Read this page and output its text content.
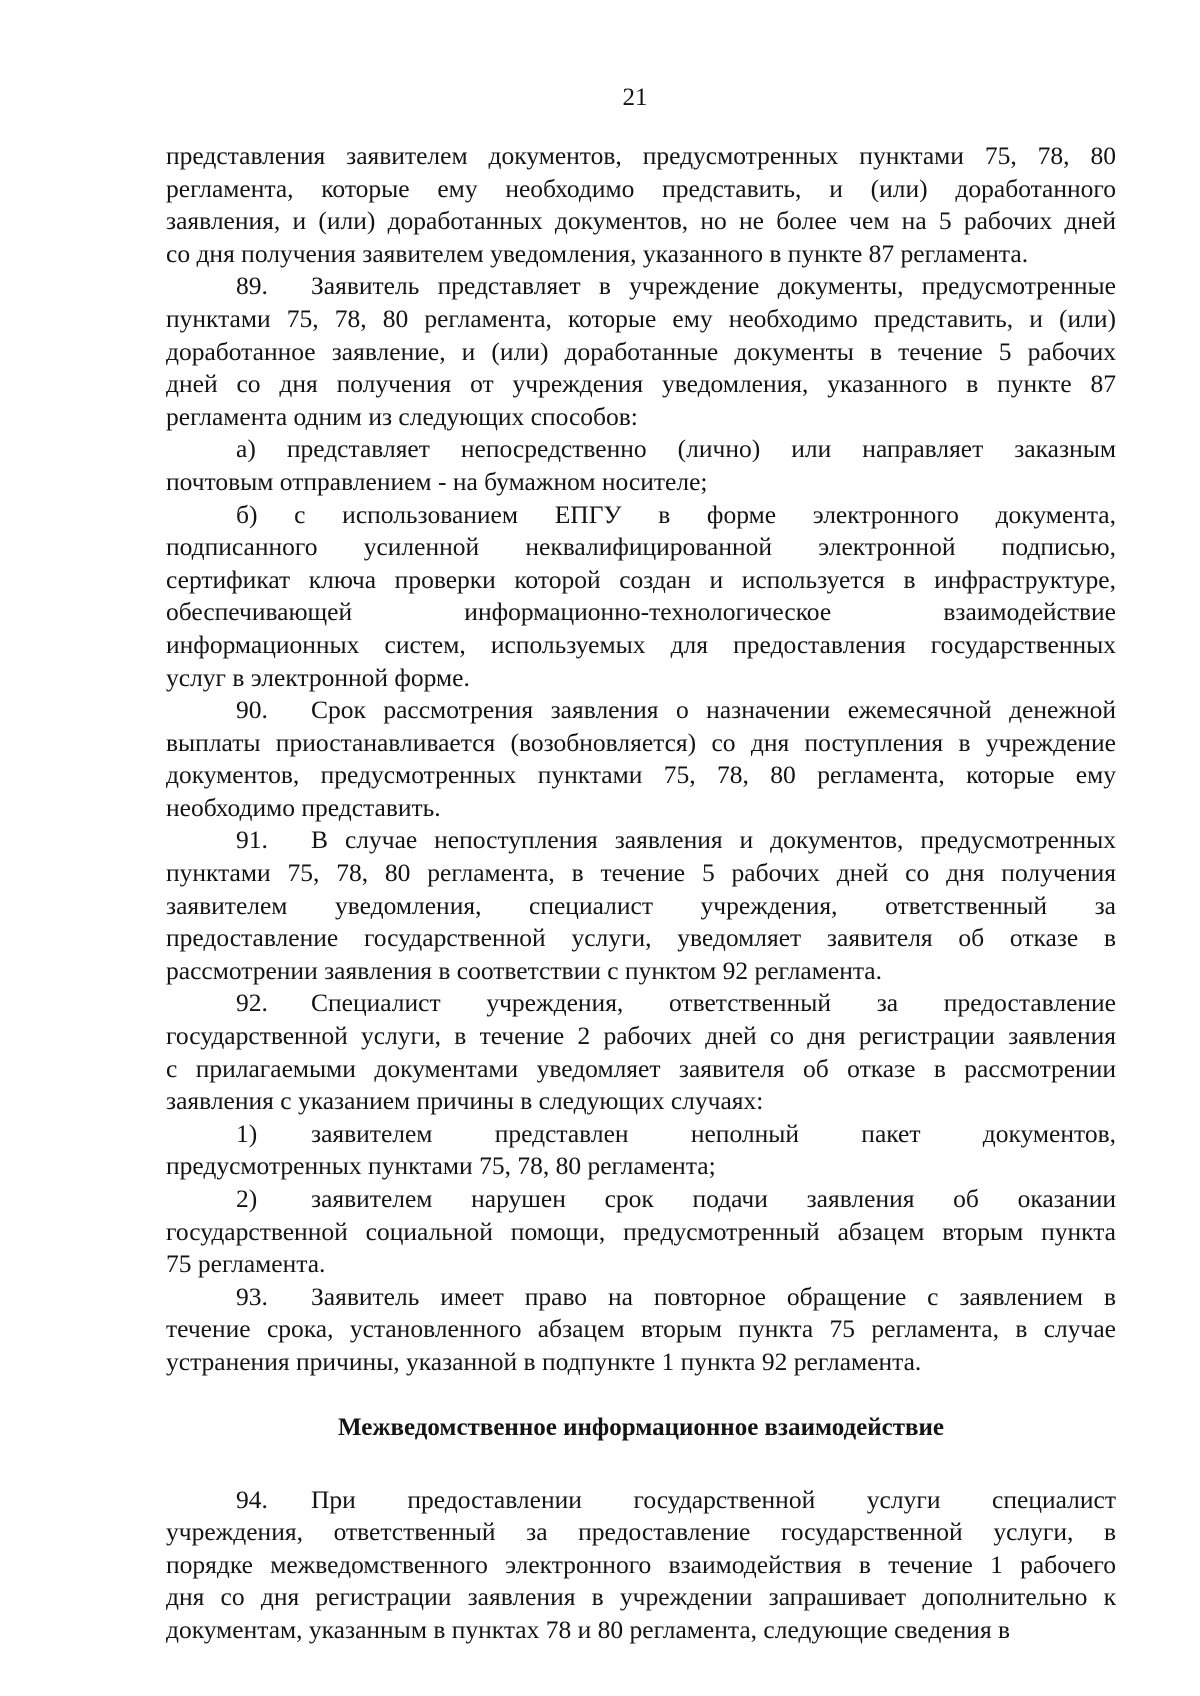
21
представления заявителем документов, предусмотренных пунктами 75, 78, 80
регламента, которые ему необходимо представить, и (или) доработанного
заявления, и (или) доработанных документов, но не более чем на 5 рабочих дней
со дня получения заявителем уведомления, указанного в пункте 87 регламента.
89. Заявитель представляет в учреждение документы, предусмотренные
пунктами 75, 78, 80 регламента, которые ему необходимо представить, и (или)
доработанное заявление, и (или) доработанные документы в течение 5 рабочих
дней со дня получения от учреждения уведомления, указанного в пункте 87
регламента одним из следующих способов:
а) представляет непосредственно (лично) или направляет заказным
почтовым отправлением - на бумажном носителе;
б) с использованием ЕПГУ в форме электронного документа,
подписанного усиленной неквалифицированной электронной подписью,
сертификат ключа проверки которой создан и используется в инфраструктуре,
обеспечивающей информационно-технологическое взаимодействие
информационных систем, используемых для предоставления государственных
услуг в электронной форме.
90. Срок рассмотрения заявления о назначении ежемесячной денежной
выплаты приостанавливается (возобновляется) со дня поступления в учреждение
документов, предусмотренных пунктами 75, 78, 80 регламента, которые ему
необходимо представить.
91. В случае непоступления заявления и документов, предусмотренных
пунктами 75, 78, 80 регламента, в течение 5 рабочих дней со дня получения
заявителем уведомления, специалист учреждения, ответственный за
предоставление государственной услуги, уведомляет заявителя об отказе в
рассмотрении заявления в соответствии с пунктом 92 регламента.
92. Специалист учреждения, ответственный за предоставление
государственной услуги, в течение 2 рабочих дней со дня регистрации заявления
с прилагаемыми документами уведомляет заявителя об отказе в рассмотрении
заявления с указанием причины в следующих случаях:
1) заявителем представлен неполный пакет документов,
предусмотренных пунктами 75, 78, 80 регламента;
2) заявителем нарушен срок подачи заявления об оказании
государственной социальной помощи, предусмотренный абзацем вторым пункта
75 регламента.
93. Заявитель имеет право на повторное обращение с заявлением в
течение срока, установленного абзацем вторым пункта 75 регламента, в случае
устранения причины, указанной в подпункте 1 пункта 92 регламента.
Межведомственное информационное взаимодействие
94. При предоставлении государственной услуги специалист
учреждения, ответственный за предоставление государственной услуги, в
порядке межведомственного электронного взаимодействия в течение 1 рабочего
дня со дня регистрации заявления в учреждении запрашивает дополнительно к
документам, указанным в пунктах 78 и 80 регламента, следующие сведения в
